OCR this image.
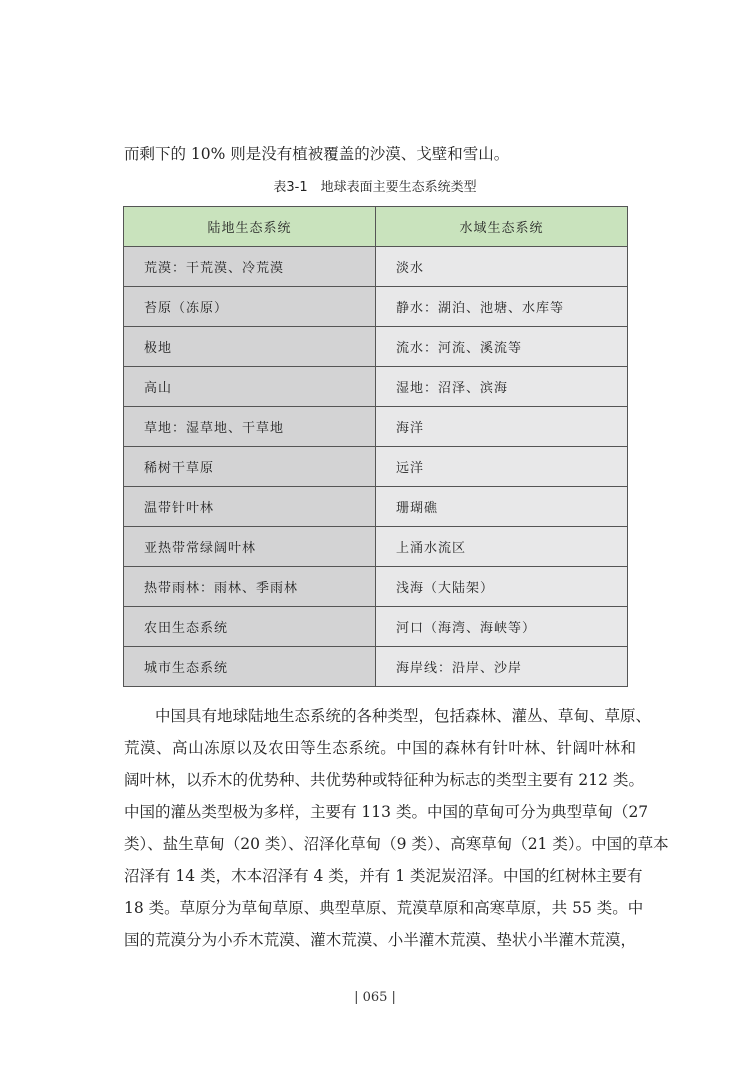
而剩下的 10% 则是没有植被覆盖的沙漠、戈壁和雪山。
表3-1　地球表面主要生态系统类型
陆地生态系统	水域生态系统
荒漠：干荒漠、冷荒漠	淡水
苔原（冻原）	静水：湖泊、池塘、水库等
极地	流水：河流、溪流等
高山	湿地：沼泽、滨海
草地：湿草地、干草地	海洋
稀树干草原	远洋
温带针叶林	珊瑚礁
亚热带常绿阔叶林	上涌水流区
热带雨林：雨林、季雨林	浅海（大陆架）
农田生态系统	河口（海湾、海峡等）
城市生态系统	海岸线：沿岸、沙岸
　　中国具有地球陆地生态系统的各种类型，包括森林、灌丛、草甸、草原、
荒漠、高山冻原以及农田等生态系统。中国的森林有针叶林、针阔叶林和
阔叶林，以乔木的优势种、共优势种或特征种为标志的类型主要有 212 类。
中国的灌丛类型极为多样，主要有 113 类。中国的草甸可分为典型草甸（27
类）、盐生草甸（20 类）、沼泽化草甸（9 类）、高寒草甸（21 类）。中国的草本
沼泽有 14 类，木本沼泽有 4 类，并有 1 类泥炭沼泽。中国的红树林主要有
18 类。草原分为草甸草原、典型草原、荒漠草原和高寒草原，共 55 类。中
国的荒漠分为小乔木荒漠、灌木荒漠、小半灌木荒漠、垫状小半灌木荒漠，
| 065 |
